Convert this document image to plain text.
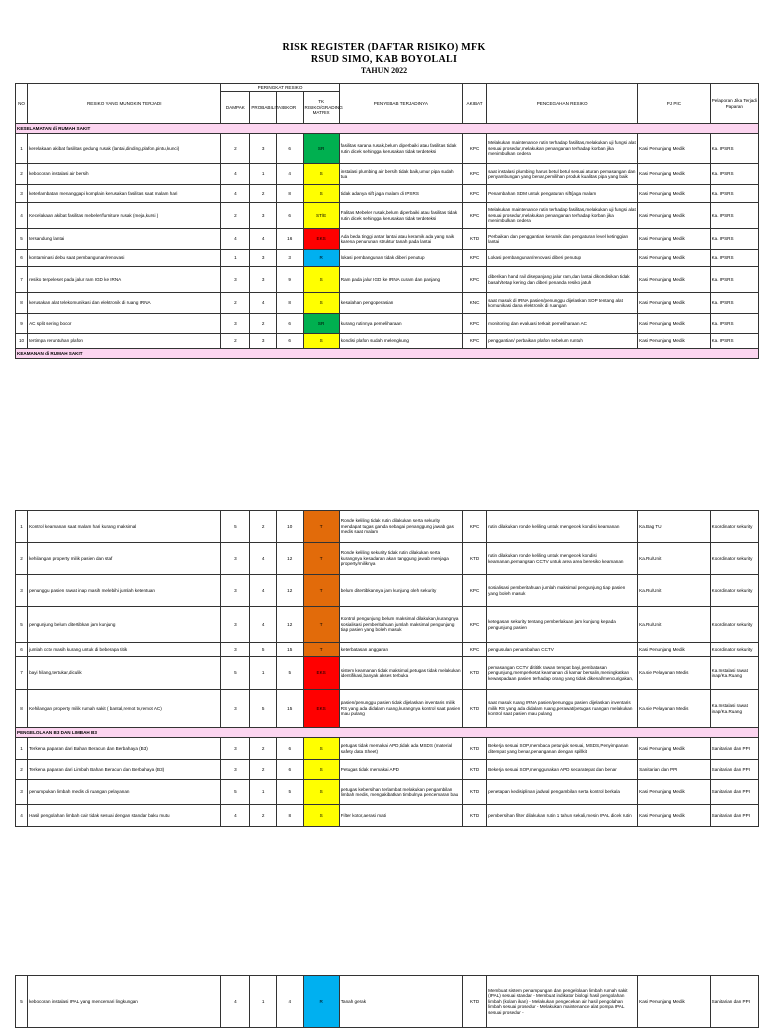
RISK REGISTER (DAFTAR RISIKO) MFK
RSUD SIMO, KAB BOYOLALI
TAHUN 2022
NO	RESIKO YANG MUNGKIN TERJADI	PERINGKAT RESIKO				PENYEBAB TERJADINYA	AKIBAT	PENCEGAHAN RESIKO	PJ PIC	Pelaporan Jika Terjadi Paparan
		DAMPAK	PROBABILITAS	SKOR	TK RISIKO/GRADING MATRIX					
KESELAMATAN di RUMAH SAKIT										
1	kerelakaan akibat fasilitas gedung rusak (lantai,dinding,plafon,pintu,kunci)	2	3	6	SR	fasilitas sarana rusak,belum diperbaiki atau fasilitas tidak rutin dicek sehingga kerusakan tidak terdeteksi	KPC	Melakukan maintenance rutin terhadap fasilitas,melakukan uji fungsi alat sesuai prosedur,melakukan penanganan terhadap korban jika menimbulkan cedera	Kasi Penunjang Medik	Ka. IPSRS
2	kebocoran instalasi air bersih	4	1	4	S	instalasi plumbing air bersih tidak baik,umur pipa sudah tua	KPC	saat instalasi plumbing harus betul betul sesuai aturan pemasangan dan penyambungan yang benar,pemilihan produk kualitas pipa yang baik	Kasi Penunjang Medik	Ka. IPSRS
3	keterlambatan menanggapi komplain kerusakan fasilitas saat malam hari	4	2	8	S	tidak adanya sift jaga malam di IPSRS	KPC	Penambahan SDM untuk pengaturan sift/jaga malam	Kasi Penunjang Medik	Ka. IPSRS
4	Kecelakaan akibat fasilitas mebeler/furniture rusak (meja,kursi )	2	3	6	ST/E	Falitas Mebeler rusak,belum diperbaiki atau fasilitas tidak rutin dicek sehingga kerusakan tidak terdeteksi	KPC	Melakukan maintenance rutin terhadap fasilitas,melakukan uji fungsi alat sesuai prosedur,melakukan penanganan terhadap korban jika menimbulkan cedera	Kasi Penunjang Medik	Ka. IPSRS
5	tersandung lantai	4	4	16	EKS	Ada beda tinggi antar lantai atau keramik ada yang naik karena penurunan struktur tanah pada lantai	KTD	Perbaikan dan penggantian keramik dan pengaturan level ketinggian lantai	Kasi Penunjang Medik	Ka. IPSRS
6	kontaminasi debu saat pembangunan/renovasi	1	3	3	R	lokasi pembangunan tidak diberi penutup	KPC	Lokasi pembangunan/renovasi diberi penutup	Kasi Penunjang Medik	Ka. IPSRS
7	resiko terpeleset pada jalur ram IGD ke IRNA	3	3	9	S	Ram pada jalur IGD ke IRNA curam dan panjang	KPC	diberikan hand rail disepanjang jalur ram,dan lantai dikondisikan tidak basah/tetap kering dan diberi penanda resiko jatuh	Kasi Penunjang Medik	Ka. IPSRS
8	kerusakan alat telekomunikasi dan elektronik di ruang IRNA	2	4	8	S	kesalahan pengoperasian	KNC	saat masuk di IRNA pasien/penunggu dijelaskan SOP tentang alat komunikasi dana elektronik di ruangan	Kasi Penunjang Medik	Ka. IPSRS
9	AC split sering bocor	3	2	6	SR	kurang rutinnya pemeliharaan	KPC	monitoring dan evaluasi terkait pemeliharaan AC	Kasi Penunjang Medik	Ka. IPSRS
10	tertimpa reruntuhan plafon	2	3	6	S	kondisi plafon sudah melengkung	KPC	penggantian/ perbaikan plafon sebelum runtuh	Kasi Penunjang Medik	Ka. IPSRS
KEAMANAN di RUMAH SAKIT										
1	Kontrol keamanan saat malam hari kurang maksimal	5	2	10	T	Ronde keliling tidak rutin dilakukan serta sekurity mendapat tugas ganda sebagai penanggung jawab gas medis saat malam	KPC	rutin dilakukan ronde keliling untuk mengecek kondisi keamanan	Ka.Bag TU	Koordinator sekurity
2	kehilangan property milik pasien dan staf	3	4	12	T	Ronde keliling sekurity tidak rutin dilakukan serta kurangnya kesadaran akan tanggung jawab menjaga property/miliknya	KTD	rutin dilakukan ronde keliling untuk mengecek kondisi keamanan,pemangsan CCTV untuk area area beresiko keamanan	Ka.Ru/Unit	Koordinator sekurity
3	penunggu pasien rawat inap masih melebihi jumlah ketentuan	3	4	12	T	belum ditertibkannya jam kunjung oleh sekurity	KPC	sosialisasi pemberitahuan jumlah maksimal pengunjung tiap pasien yang boleh masuk	Ka.Ru/Unit	Koordinator sekurity
5	pengunjung belum ditertibkan jam kunjung	3	4	12	T	Kontrol pengunjung belum maksimal dilakukan,kurangnya sosialisasi pemberitahuan jumlah maksimal pengunjung tiap pasien yang boleh masuk	KPC	ketegasan sekurity tentang pemberlakuan jam kunjung kepada pengunjung pasien	Ka.Ru/Unit	Koordinator sekurity
6	jumlah cctv masih kurang untuk di beberapa titik	3	5	15	T	keterbatasan anggaran	KPC	pengusulan penambahan CCTV	Kasi Penunjang Medik	Koordinator sekurity
7	bayi hilang,tertukar,diculik	5	1	5	EKS	sistem keamanan tidak maksimal,petugas tidak melakukan identifikasi,banyak akses terbuka	KTD	pemasangan CCTV ditititk rawan tempat bayi,pembatasan pengunjung,memperketat keamanan di kamar bersalin,meningkatkan kewaspadaan pasien terhadap orang yang tidak dikenal/mencurigakan,	Ka.sie Pelayanan Medis	Ka.Instalasi rawat inap/Ka.Ruang
8	Kehilangan property milik rumah sakit ( bantal,remot tv,remot AC)	3	5	15	EKS	pasien/penunggu pasien tidak dijelaskan inventaris milik RS yang ada didalam ruang,kurangnya kontrol saat pasien mau pulang	KTD	saat masuk ruang IRNA pasien/penunggu pasien dijelaskan inventaris milik RS yang ada didalam ruang,perawat/petugas ruangan melakukan kontrol saat pasien mau pulang	Ka.sie Pelayanan Medis	Ka.Instalasi rawat inap/Ka.Ruang
PENGELOLAAN B3 DAN LIMBAH B3										
1	Terkena paparan dari Bahan Beracun dan Berbahaya (B3)	3	2	6	S	petugas tidak memakai APD,tidak ada MSDS (material safety data Sheet)	KTD	Bekerja sesuai SOP,membaca petunjuk sesuai, MSDS,Penyimpanan ditempat yang benar,penanganan dengan spillkit	Kasi Penunjang Medik	Sanitarian dan PPI
2	Terkena paparan dari Limbah Bahan Beracun dan Berbahaya (B3)	3	2	6	S	Petugas tidak memakai APD	KTD	Bekerja sesuai SOP,menggunakan APD secaratepat dan benar	Sanitarian dan PPI	Sanitarian dan PPI
3	penumpukan limbah medis di ruangan pelayanan	5	1	5	S	petugas kebersihan terlambat melakukan pengambilan limbah medis, mengakibatkan timbulnya pencemaran bau	KTD	penetapan kedisiplinan jadwal pengambilan serta kontrol berkala	Kasi Penunjang Medik	Sanitarian dan PPI
4	Hasil pengolahan limbah cair tidak sesuai dengan standar baku mutu	4	2	8	S	Filter kotor,aerasi mati	KTD	pembersihan filter dilakukan rutin 1 tahun sekali,mesin IPAL dicek rutin	Kasi Penunjang Medik	Sanitarian dan PPI
5	kebocoran instalasi IPAL yang mencemari lingkungan	4	1	4	R	Tanah gerak	KTD	Membuat sistem penampungan dan pengelolaan limbah rumah sakit (IPAL) sesuai standar - Membuat indikator biologi hasil pengolahan limbah (kolam ikan) - Melakukan pengecekan air hasil pengolahan limbah sesuai prosedur - Melakukan maintenance alat pompa IPAL sesuai prosedur -	Kasi Penunjang Medik	Sanitarian dan PPI
